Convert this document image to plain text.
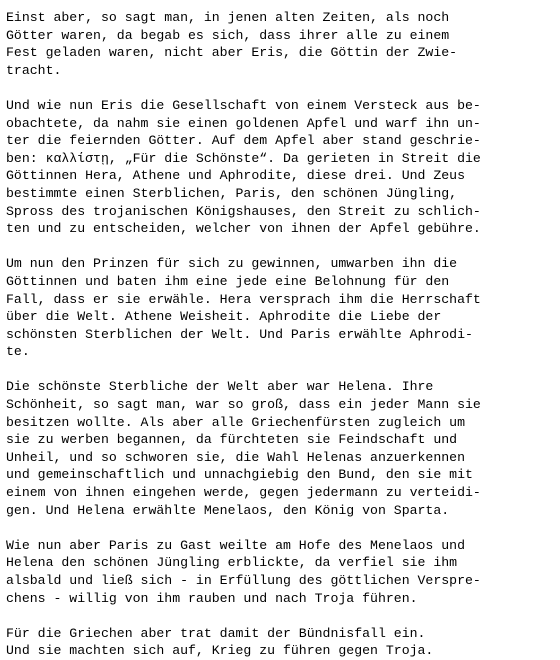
Einst aber, so sagt man, in jenen alten Zeiten, als noch
Götter waren, da begab es sich, dass ihrer alle zu einem
Fest geladen waren, nicht aber Eris, die Göttin der Zwie-
tracht.
Und wie nun Eris die Gesellschaft von einem Versteck aus be-
obachtete, da nahm sie einen goldenen Apfel und warf ihn un-
ter die feiernden Götter. Auf dem Apfel aber stand geschrie-
ben: καλλίστῃ, „Für die Schönste“. Da gerieten in Streit die
Göttinnen Hera, Athene und Aphrodite, diese drei. Und Zeus
bestimmte einen Sterblichen, Paris, den schönen Jüngling,
Spross des trojanischen Königshauses, den Streit zu schlich-
ten und zu entscheiden, welcher von ihnen der Apfel gebühre.
Um nun den Prinzen für sich zu gewinnen, umwarben ihn die
Göttinnen und baten ihm eine jede eine Belohnung für den
Fall, dass er sie erwähle. Hera versprach ihm die Herrschaft
über die Welt. Athene Weisheit. Aphrodite die Liebe der
schönsten Sterblichen der Welt. Und Paris erwählte Aphrodi-
te.
Die schönste Sterbliche der Welt aber war Helena. Ihre
Schönheit, so sagt man, war so groß, dass ein jeder Mann sie
besitzen wollte. Als aber alle Griechenfürsten zugleich um
sie zu werben begannen, da fürchteten sie Feindschaft und
Unheil, und so schworen sie, die Wahl Helenas anzuerkennen
und gemeinschaftlich und unnachgiebig den Bund, den sie mit
einem von ihnen eingehen werde, gegen jedermann zu verteidi-
gen. Und Helena erwählte Menelaos, den König von Sparta.
Wie nun aber Paris zu Gast weilte am Hofe des Menelaos und
Helena den schönen Jüngling erblickte, da verfiel sie ihm
alsbald und ließ sich - in Erfüllung des göttlichen Verspre-
chens - willig von ihm rauben und nach Troja führen.
Für die Griechen aber trat damit der Bündnisfall ein.
Und sie machten sich auf, Krieg zu führen gegen Troja.
